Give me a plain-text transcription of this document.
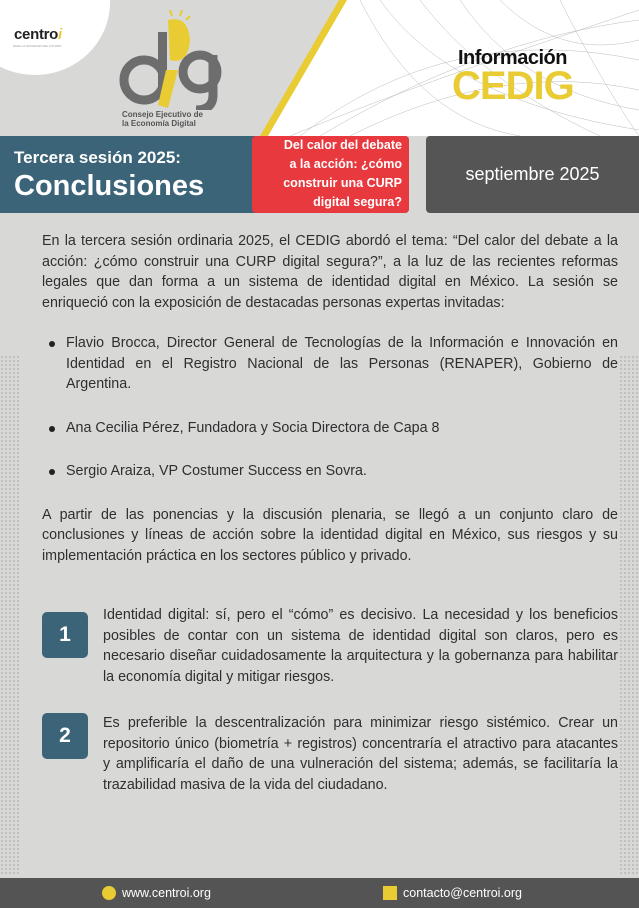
centroi
PARA LA SOCIEDAD DEL FUTURO
Consejo Ejecutivo de
la Economía Digital
Información
CEDIG
Tercera sesión 2025:
Conclusiones
Del calor del debate
a la acción: ¿cómo
construir una CURP
digital segura?
septiembre 2025

En la tercera sesión ordinaria 2025, el CEDIG abordó el tema: “Del calor del debate a la acción: ¿cómo construir una CURP digital segura?”, a la luz de las recientes reformas legales que dan forma a un sistema de identidad digital en México. La sesión se enriqueció con la exposición de destacadas personas expertas invitadas:

Flavio Brocca, Director General de Tecnologías de la Información e Innovación en Identidad en el Registro Nacional de las Personas (RENAPER), Gobierno de Argentina.
Ana Cecilia Pérez, Fundadora y Socia Directora de Capa 8
Sergio Araiza, VP Costumer Success en Sovra.

A partir de las ponencias y la discusión plenaria, se llegó a un conjunto claro de conclusiones y líneas de acción sobre la identidad digital en México, sus riesgos y su implementación práctica en los sectores público y privado.

1
Identidad digital: sí, pero el “cómo” es decisivo. La necesidad y los beneficios posibles de contar con un sistema de identidad digital son claros, pero es necesario diseñar cuidadosamente la arquitectura y la gobernanza para habilitar la economía digital y mitigar riesgos.
2
Es preferible la descentralización para minimizar riesgo sistémico. Crear un repositorio único (biometría + registros) concentraría el atractivo para atacantes y amplificaría el daño de una vulneración del sistema; además, se facilitaría la trazabilidad masiva de la vida del ciudadano.
www.centroi.org	contacto@centroi.org
